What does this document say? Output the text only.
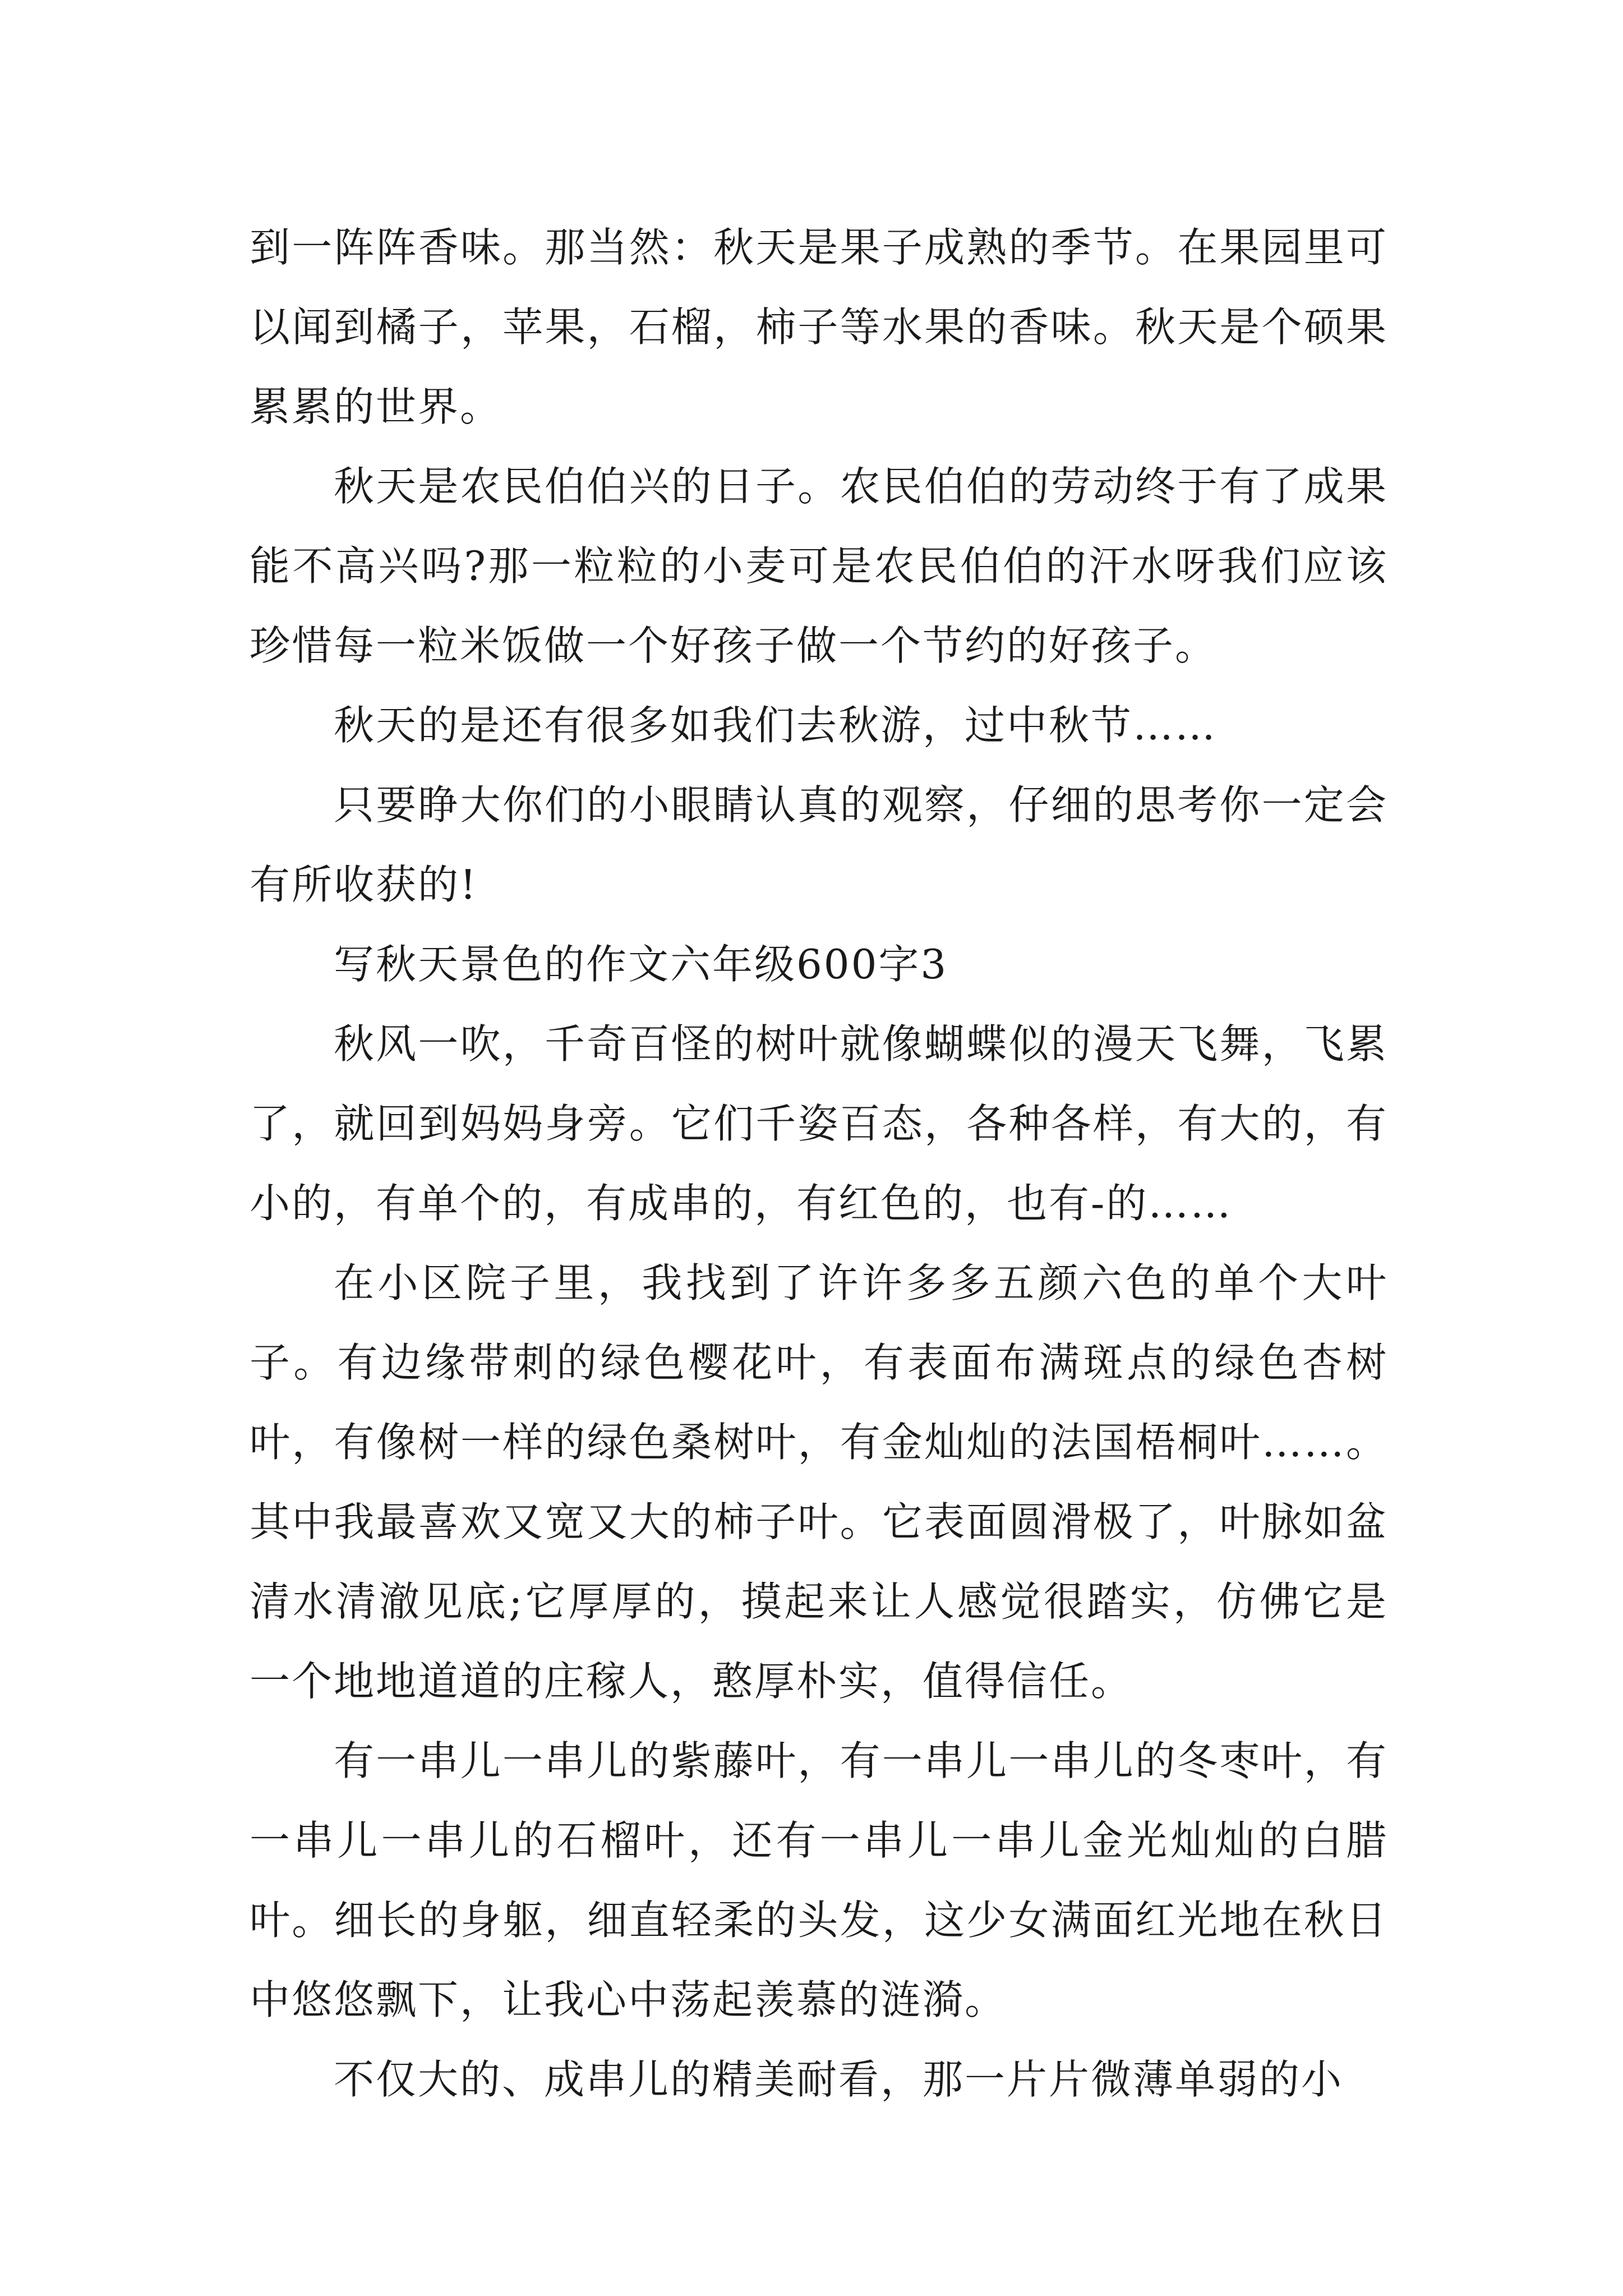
到一阵阵香味。那当然：秋天是果子成熟的季节。在果园里可以闻到橘子，苹果，石榴，柿子等水果的香味。秋天是个硕果累累的世界。

秋天是农民伯伯兴的日子。农民伯伯的劳动终于有了成果能不高兴吗?那一粒粒的小麦可是农民伯伯的汗水呀我们应该珍惜每一粒米饭做一个好孩子做一个节约的好孩子。

秋天的是还有很多如我们去秋游，过中秋节……

只要睁大你们的小眼睛认真的观察，仔细的思考你一定会有所收获的!

写秋天景色的作文六年级600字3

秋风一吹，千奇百怪的树叶就像蝴蝶似的漫天飞舞，飞累了，就回到妈妈身旁。它们千姿百态，各种各样，有大的，有小的，有单个的，有成串的，有红色的，也有-的……

在小区院子里，我找到了许许多多五颜六色的单个大叶子。有边缘带刺的绿色樱花叶，有表面布满斑点的绿色杏树叶，有像树一样的绿色桑树叶，有金灿灿的法国梧桐叶……。其中我最喜欢又宽又大的柿子叶。它表面圆滑极了，叶脉如盆清水清澈见底;它厚厚的，摸起来让人感觉很踏实，仿佛它是一个地地道道的庄稼人，憨厚朴实，值得信任。

有一串儿一串儿的紫藤叶，有一串儿一串儿的冬枣叶，有一串儿一串儿的石榴叶，还有一串儿一串儿金光灿灿的白腊叶。细长的身躯，细直轻柔的头发，这少女满面红光地在秋日中悠悠飘下，让我心中荡起羡慕的涟漪。

不仅大的、成串儿的精美耐看，那一片片微薄单弱的小
